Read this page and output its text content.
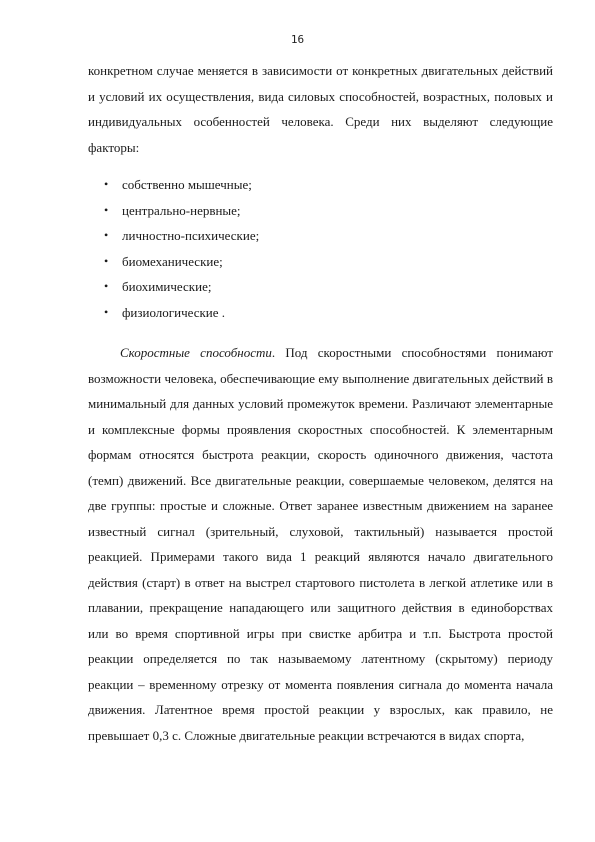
16

конкретном случае меняется в зависимости от конкретных двигательных действий и условий их осуществления, вида силовых способностей, возрастных, половых и индивидуальных особенностей человека. Среди них выделяют следующие факторы:

•	собственно мышечные;
•	центрально-нервные;
•	личностно-психические;
•	биомеханические;
•	биохимические;
•	физиологические .

Скоростные способности. Под скоростными способностями понимают возможности человека, обеспечивающие ему выполнение двигательных действий в минимальный для данных условий промежуток времени. Различают элементарные и комплексные формы проявления скоростных способностей. К элементарным формам относятся быстрота реакции, скорость одиночного движения, частота (темп) движений. Все двигательные реакции, совершаемые человеком, делятся на две группы: простые и сложные. Ответ заранее известным движением на заранее известный сигнал (зрительный, слуховой, тактильный) называется простой реакцией. Примерами такого вида 1 реакций являются начало двигательного действия (старт) в ответ на выстрел стартового пистолета в легкой атлетике или в плавании, прекращение нападающего или защитного действия в единоборствах или во время спортивной игры при свистке арбитра и т.п. Быстрота простой реакции определяется по так называемому латентному (скрытому) периоду реакции – временному отрезку от момента появления сигнала до момента начала движения. Латентное время простой реакции у взрослых, как правило, не превышает 0,3 с. Сложные двигательные реакции встречаются в видах спорта,
